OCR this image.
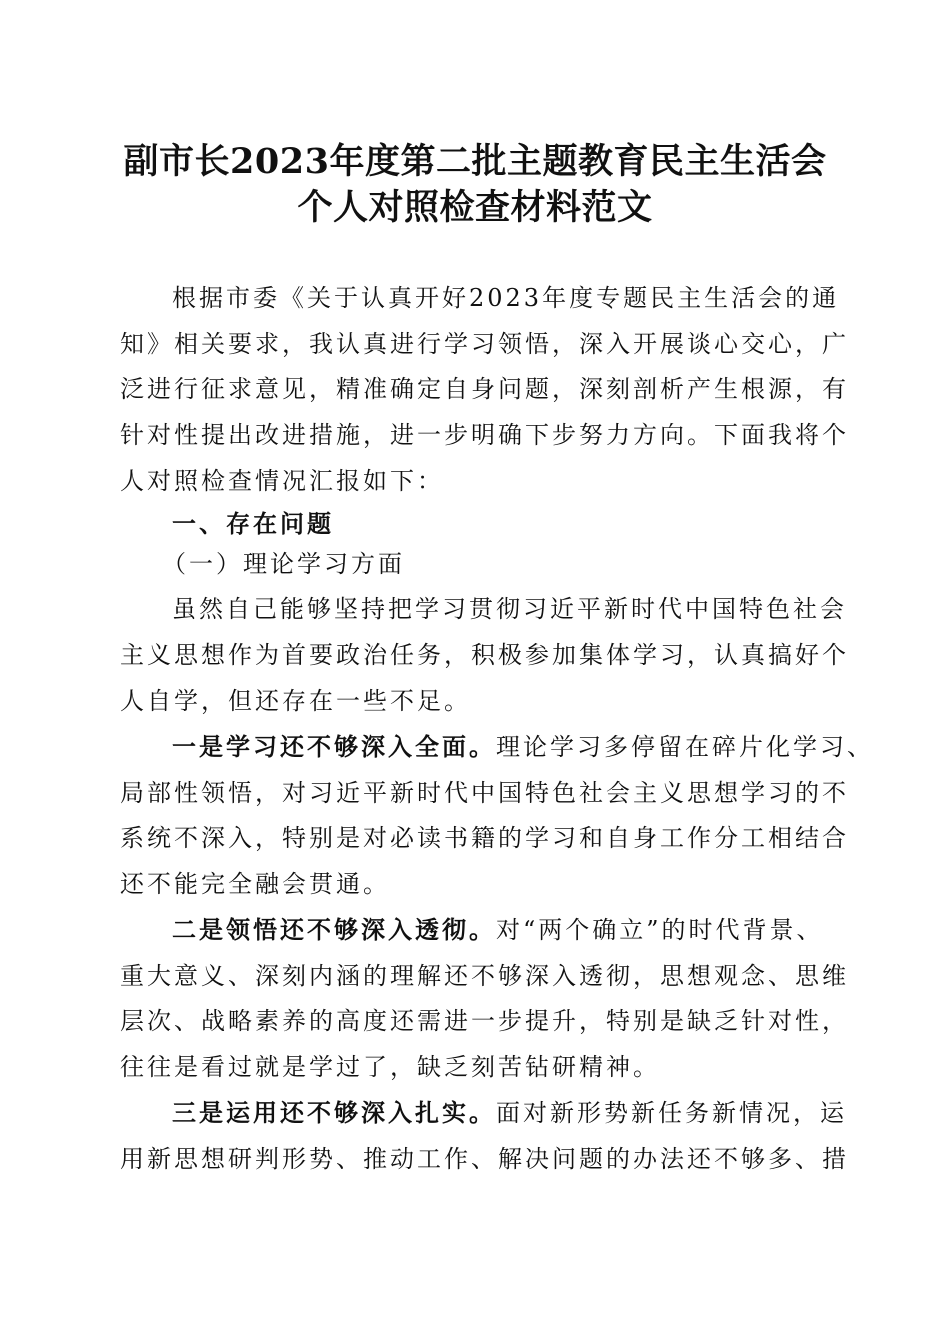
副市长2023年度第二批主题教育民主生活会
个人对照检查材料范文
根据市委《关于认真开好2023年度专题民主生活会的通
知》相关要求，我认真进行学习领悟，深入开展谈心交心，广
泛进行征求意见，精准确定自身问题，深刻剖析产生根源，有
针对性提出改进措施，进一步明确下步努力方向。下面我将个
人对照检查情况汇报如下：
一、存在问题
（一）理论学习方面
虽然自己能够坚持把学习贯彻习近平新时代中国特色社会
主义思想作为首要政治任务，积极参加集体学习，认真搞好个
人自学，但还存在一些不足。
一是学习还不够深入全面。理论学习多停留在碎片化学习、
局部性领悟，对习近平新时代中国特色社会主义思想学习的不
系统不深入，特别是对必读书籍的学习和自身工作分工相结合
还不能完全融会贯通。
二是领悟还不够深入透彻。对“两个确立”的时代背景、
重大意义、深刻内涵的理解还不够深入透彻，思想观念、思维
层次、战略素养的高度还需进一步提升，特别是缺乏针对性，
往往是看过就是学过了，缺乏刻苦钻研精神。
三是运用还不够深入扎实。面对新形势新任务新情况，运
用新思想研判形势、推动工作、解决问题的办法还不够多、措
